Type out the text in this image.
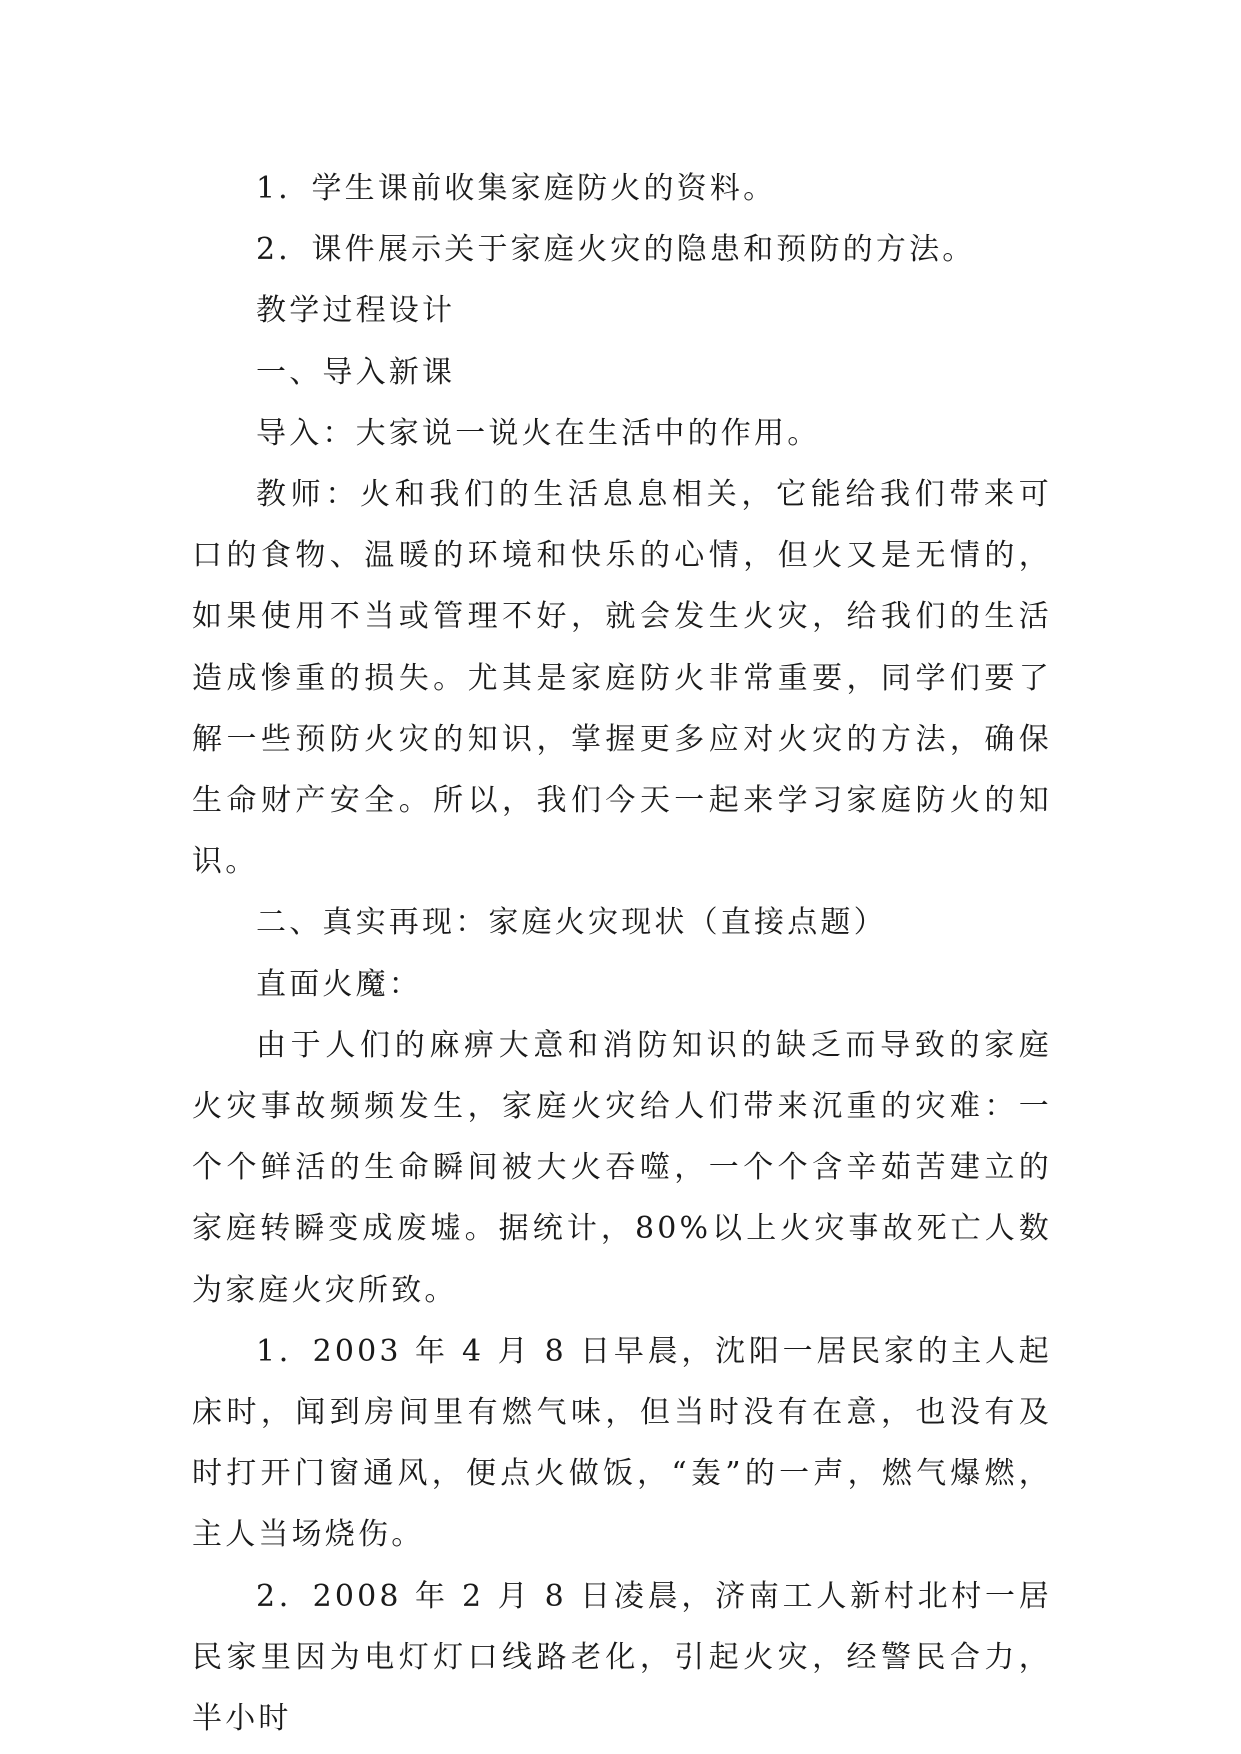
1．学生课前收集家庭防火的资料。

2．课件展示关于家庭火灾的隐患和预防的方法。

教学过程设计

一、导入新课

导入：大家说一说火在生活中的作用。

教师：火和我们的生活息息相关，它能给我们带来可口的食物、温暖的环境和快乐的心情，但火又是无情的，如果使用不当或管理不好，就会发生火灾，给我们的生活造成惨重的损失。尤其是家庭防火非常重要，同学们要了解一些预防火灾的知识，掌握更多应对火灾的方法，确保生命财产安全。所以，我们今天一起来学习家庭防火的知识。

二、真实再现：家庭火灾现状（直接点题）

直面火魔：

由于人们的麻痹大意和消防知识的缺乏而导致的家庭火灾事故频频发生，家庭火灾给人们带来沉重的灾难：一个个鲜活的生命瞬间被大火吞噬，一个个含辛茹苦建立的家庭转瞬变成废墟。据统计，80%以上火灾事故死亡人数为家庭火灾所致。

1．2003 年 4 月 8 日早晨，沈阳一居民家的主人起床时，闻到房间里有燃气味，但当时没有在意，也没有及时打开门窗通风，便点火做饭，“轰”的一声，燃气爆燃，主人当场烧伤。

2．2008 年 2 月 8 日凌晨，济南工人新村北村一居民家里因为电灯灯口线路老化，引起火灾，经警民合力，半小时
